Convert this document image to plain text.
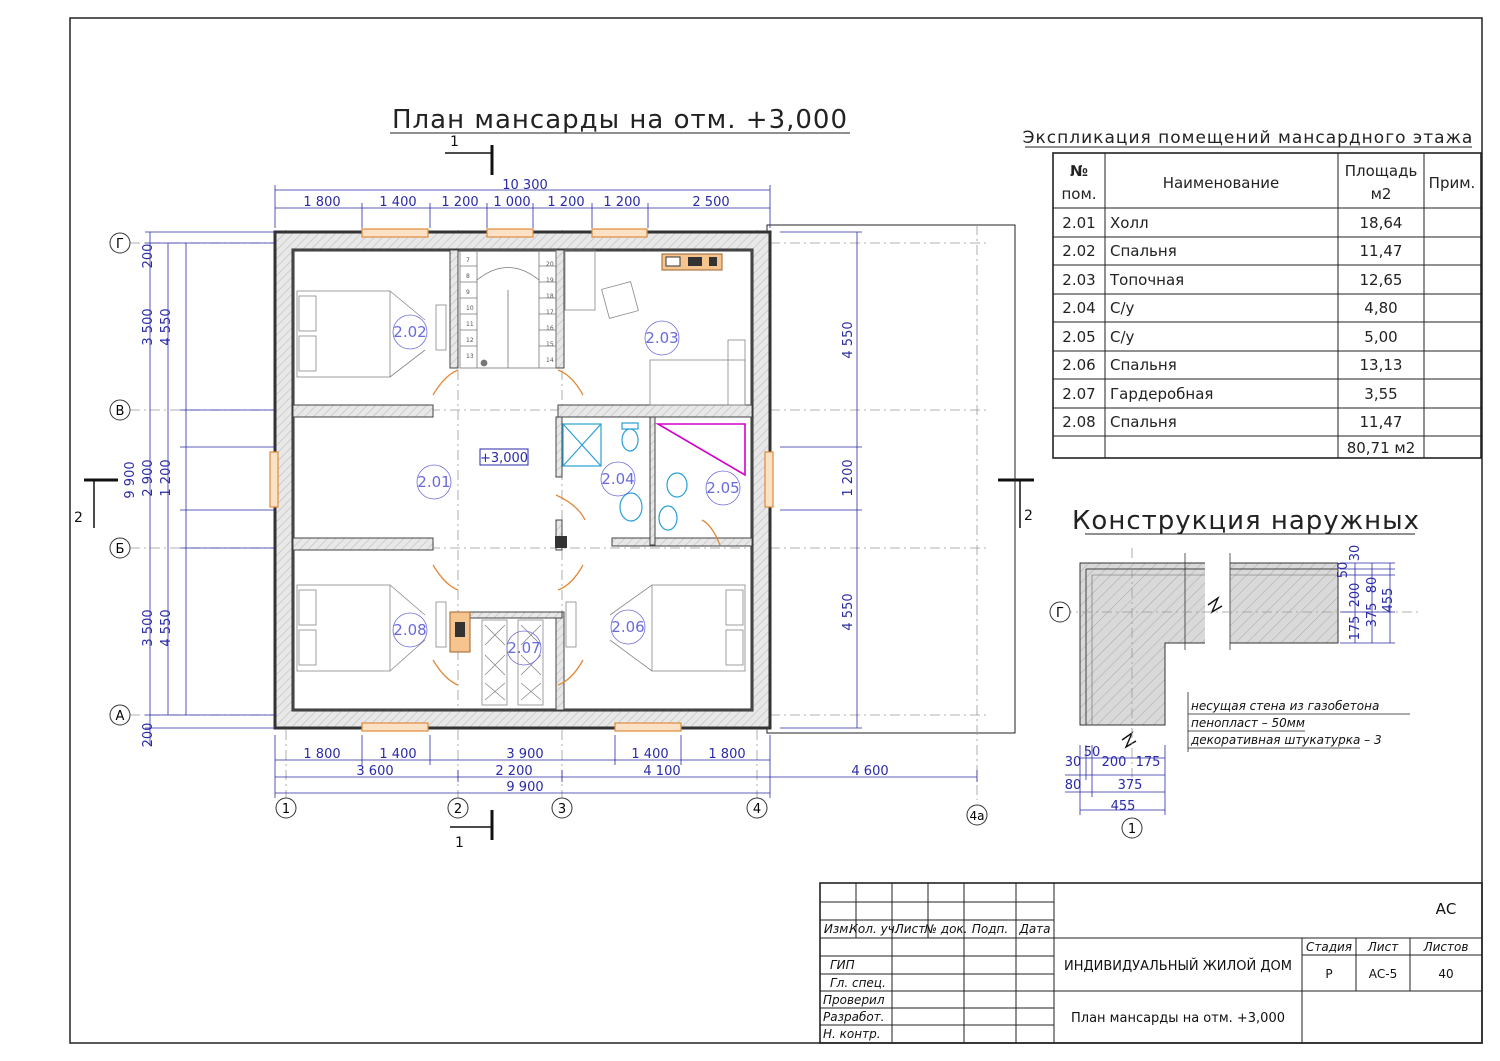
План мансарды на отм. +3,000
1
1
2	2
2.02	2.03
2.01	2.04	2.05
2.08	2.06
2.07
+3,000
10 300
1 800	1 400 1 200 1 000 1 200 1 200	2 500
1 800	1 400	3 900	1 400	1 800
3 600	2 200	4 100	4 600
9 900
200
9 900
200
3 500 4 550
2 900 1 200
3 500 4 550
4 550
1 200
4 550
Г
В
Б
А
1	2	3	4	4а
Экспликация помещений мансардного этажа
№
пом.
Наименование
Площадь
м2
Прим.
2.01 Холл	18,64
2.02 Спальня	11,47
2.03 Топочная	12,65
2.04 С/у	4,80
2.05 С/у	5,00
2.06 Спальня	13,13
2.07 Гардеробная	3,55
2.08 Спальня	11,47
80,71 м2
Конструкция наружных
Г
1
несущая стена из газобетона
пенопласт – 50мм
декоративная штукатурка – 3
30
50
175
200 80
375
455
50
30 200 175
80	375
455
Изм.
Кол. уч.
Лист № док. Подп. Дата
ГИП
Гл. спец.
Проверил
Разработ.
Н. контр.
АС
ИНДИВИДУАЛЬНЫЙ ЖИЛОЙ ДОМ
План мансарды на отм. +3,000
Стадия Лист Листов
Р	АС-5	40
7
8
9
10
11
12
13
14
15
16
17
18
19
20
